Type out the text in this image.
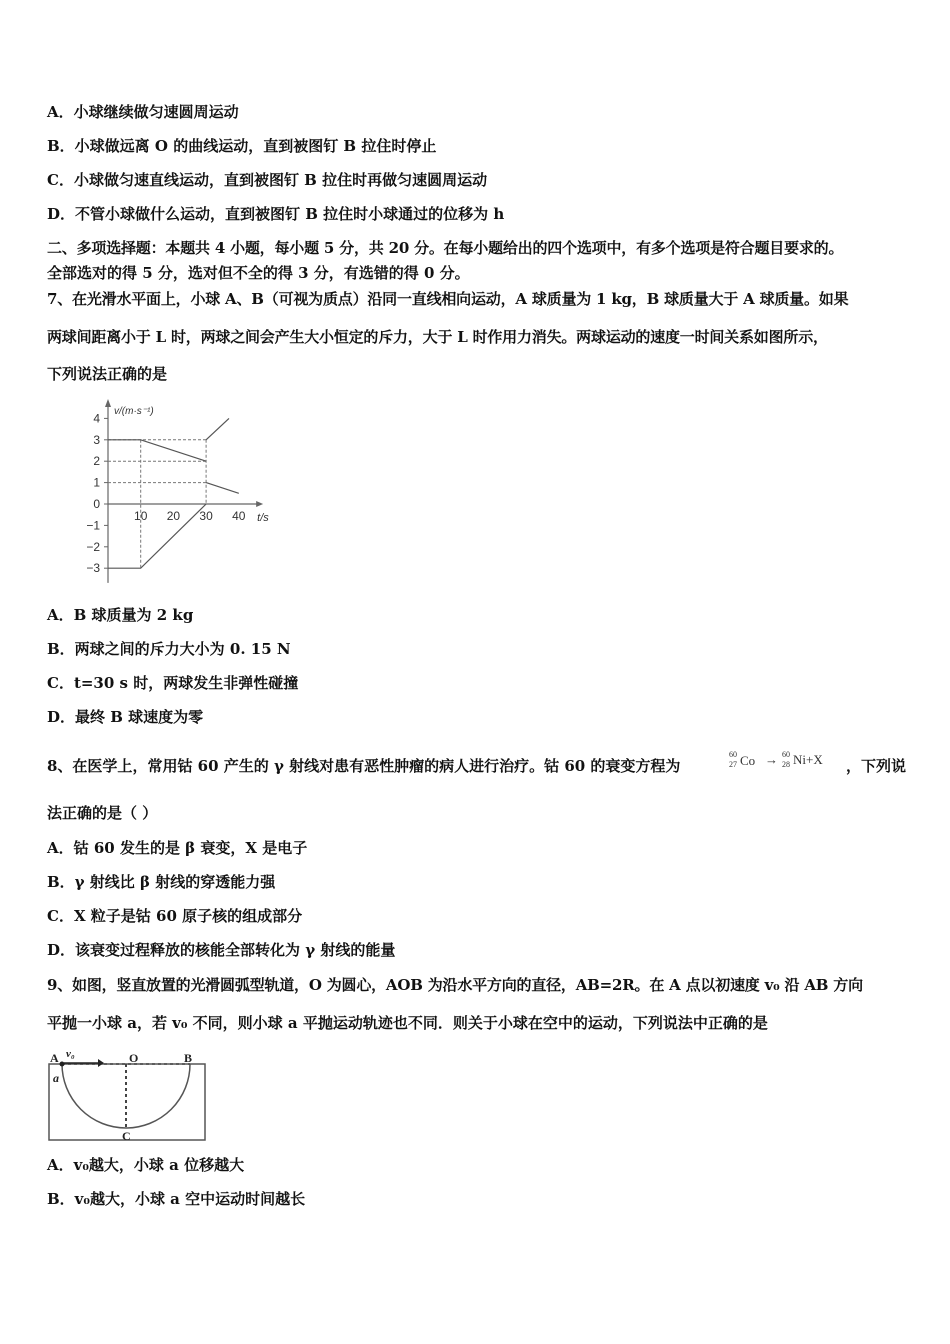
A．小球继续做匀速圆周运动
B．小球做远离 O 的曲线运动，直到被图钉 B 拉住时停止
C．小球做匀速直线运动，直到被图钉 B 拉住时再做匀速圆周运动
D．不管小球做什么运动，直到被图钉 B 拉住时小球通过的位移为 h
二、多项选择题：本题共 4 小题，每小题 5 分，共 20 分。在每小题给出的四个选项中，有多个选项是符合题目要求的。
全部选对的得 5 分，选对但不全的得 3 分，有选错的得 0 分。
7、在光滑水平面上，小球 A、B（可视为质点）沿同一直线相向运动，A 球质量为 1 kg，B 球质量大于 A 球质量。如果
两球间距离小于 L 时，两球之间会产生大小恒定的斥力，大于 L 时作用力消失。两球运动的速度一时间关系如图所示，
下列说法正确的是
v/(m·s⁻¹)
t/s
4
3
2
1
0
−1
−2
−3
10 20 30 40
A．B 球质量为 2 kg
B．两球之间的斥力大小为 0. 15 N
C．t=30 s 时，两球发生非弹性碰撞
D．最终 B 球速度为零
8、在医学上，常用钴 60 产生的 γ 射线对患有恶性肿瘤的病人进行治疗。钴 60 的衰变方程为
60
27 Co → 60
28 Ni+X ，下列说
法正确的是（ ）
A．钴 60 发生的是 β 衰变，X 是电子
B．γ 射线比 β 射线的穿透能力强
C．X 粒子是钴 60 原子核的组成部分
D．该衰变过程释放的核能全部转化为 γ 射线的能量
9、如图，竖直放置的光滑圆弧型轨道，O 为圆心，AOB 为沿水平方向的直径，AB=2R。在 A 点以初速度 v₀ 沿 AB 方向
平抛一小球 a，若 v₀ 不同，则小球 a 平抛运动轨迹也不同．则关于小球在空中的运动，下列说法中正确的是
A v₀	O	B
a
C
A．v₀越大，小球 a 位移越大
B．v₀越大，小球 a 空中运动时间越长
